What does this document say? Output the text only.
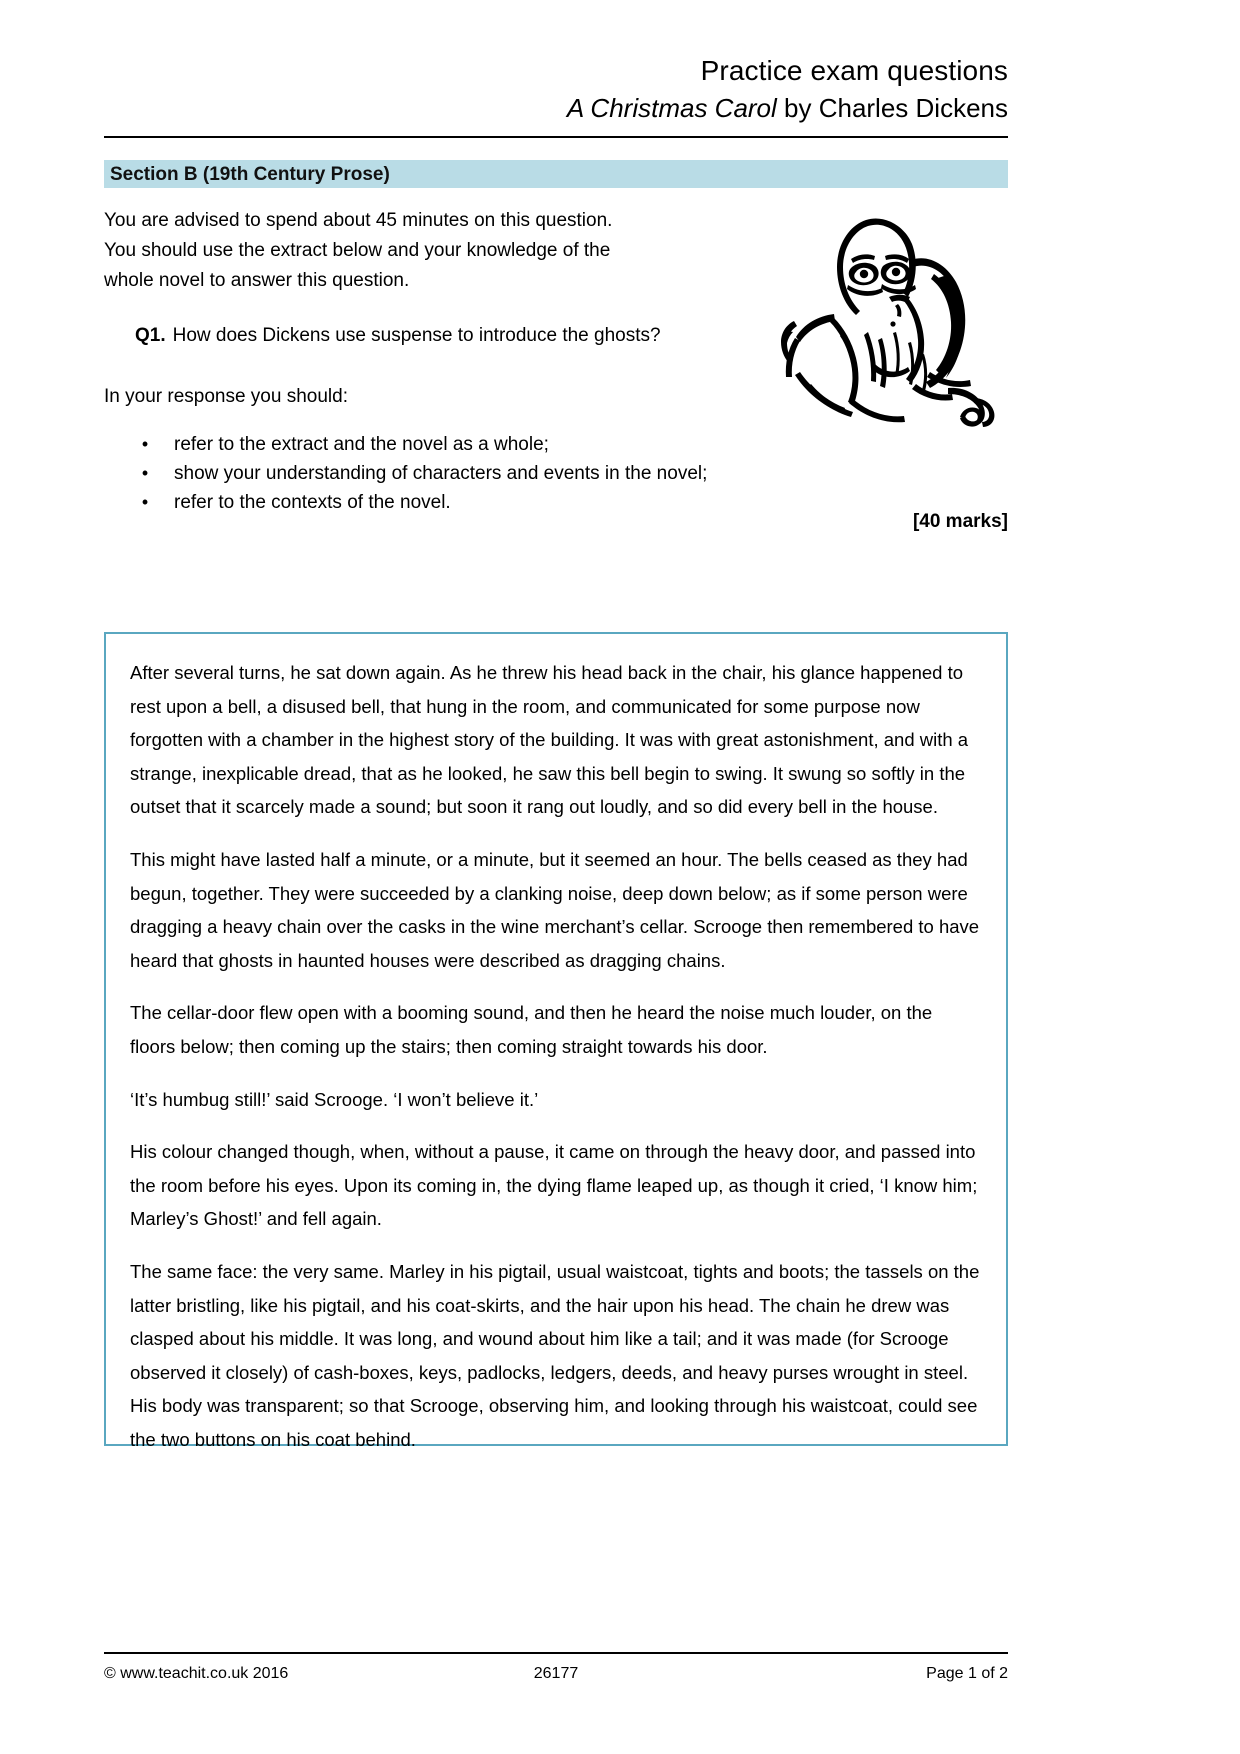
Practice exam questions
A Christmas Carol by Charles Dickens
Section B (19th Century Prose)
You are advised to spend about 45 minutes on this question.
You should use the extract below and your knowledge of the
whole novel to answer this question.
Q1. How does Dickens use suspense to introduce the ghosts?
In your response you should:
• refer to the extract and the novel as a whole;
• show your understanding of characters and events in the novel;
• refer to the contexts of the novel.
[40 marks]

After several turns, he sat down again. As he threw his head back in the chair, his glance happened to rest upon a bell, a disused bell, that hung in the room, and communicated for some purpose now forgotten with a chamber in the highest story of the building. It was with great astonishment, and with a strange, inexplicable dread, that as he looked, he saw this bell begin to swing. It swung so softly in the outset that it scarcely made a sound; but soon it rang out loudly, and so did every bell in the house.

This might have lasted half a minute, or a minute, but it seemed an hour. The bells ceased as they had begun, together. They were succeeded by a clanking noise, deep down below; as if some person were dragging a heavy chain over the casks in the wine merchant’s cellar. Scrooge then remembered to have heard that ghosts in haunted houses were described as dragging chains.

The cellar-door flew open with a booming sound, and then he heard the noise much louder, on the floors below; then coming up the stairs; then coming straight towards his door.

‘It’s humbug still!’ said Scrooge. ‘I won’t believe it.’

His colour changed though, when, without a pause, it came on through the heavy door, and passed into the room before his eyes. Upon its coming in, the dying flame leaped up, as though it cried, ‘I know him; Marley’s Ghost!’ and fell again.

The same face: the very same. Marley in his pigtail, usual waistcoat, tights and boots; the tassels on the latter bristling, like his pigtail, and his coat-skirts, and the hair upon his head. The chain he drew was clasped about his middle. It was long, and wound about him like a tail; and it was made (for Scrooge observed it closely) of cash-boxes, keys, padlocks, ledgers, deeds, and heavy purses wrought in steel. His body was transparent; so that Scrooge, observing him, and looking through his waistcoat, could see the two buttons on his coat behind.

© www.teachit.co.uk 2016	26177	Page 1 of 2
